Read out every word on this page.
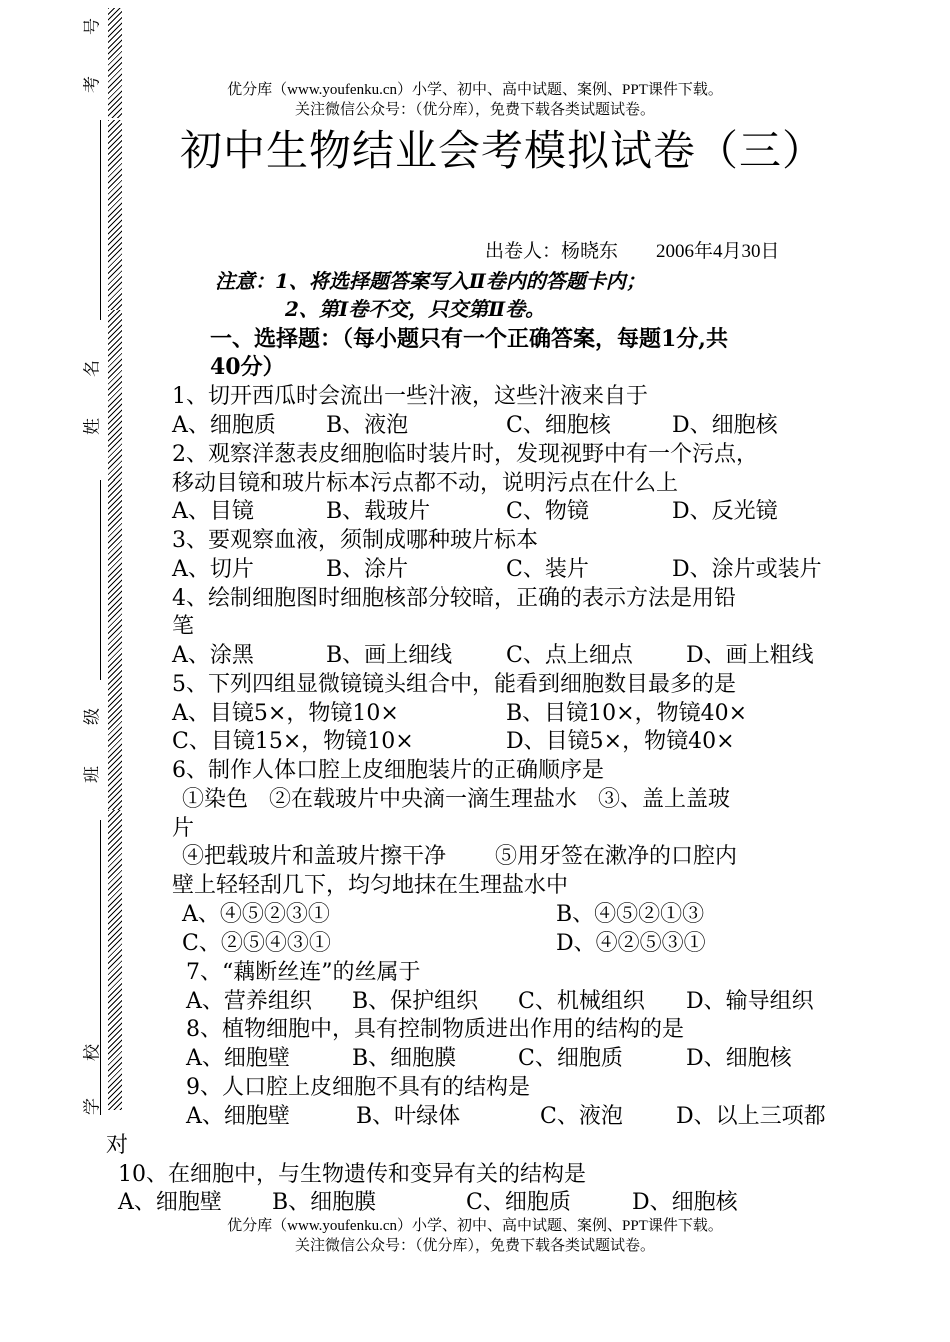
号
考
名
姓
级
班
校
学
优分库（www.youfenku.cn）小学、初中、高中试题、案例、PPT课件下载。
关注微信公众号：（优分库），免费下载各类试题试卷。
初中生物结业会考模拟试卷（三）
出卷人：杨晓东        2006年4月30日
注意：1、将选择题答案写入Ⅱ卷内的答题卡内；
2、第Ⅰ卷不交，只交第Ⅱ卷。
一、选择题：（每小题只有一个正确答案，每题1分,共
40分）
1、切开西瓜时会流出一些汁液，这些汁液来自于
A、细胞质 B、液泡	C、细胞核	D、细胞核
2、观察洋葱表皮细胞临时装片时，发现视野中有一个污点，
移动目镜和玻片标本污点都不动，说明污点在什么上
A、目镜	B、载玻片	C、物镜	D、反光镜
3、要观察血液，须制成哪种玻片标本
A、切片	B、涂片	C、装片	D、涂片或装片
4、绘制细胞图时细胞核部分较暗，正确的表示方法是用铅
笔
A、涂黑	B、画上细线 C、点上细点 D、画上粗线
5、下列四组显微镜镜头组合中，能看到细胞数目最多的是
A、目镜5×，物镜10×	B、目镜10×，物镜40×
C、目镜15×，物镜10×	D、目镜5×，物镜40×
6、制作人体口腔上皮细胞装片的正确顺序是
①染色   ②在载玻片中央滴一滴生理盐水   ③、盖上盖玻
片
④把载玻片和盖玻片擦干净       ⑤用牙签在漱净的口腔内
壁上轻轻刮几下，均匀地抹在生理盐水中
A、④⑤②③①	B、④⑤②①③
C、②⑤④③①	D、④②⑤③①
7、“藕断丝连”的丝属于
A、营养组织 B、保护组织 C、机械组织 D、输导组织
8、植物细胞中，具有控制物质进出作用的结构的是
A、细胞壁	B、细胞膜	C、细胞质	D、细胞核
9、人口腔上皮细胞不具有的结构是
A、细胞壁	B、叶绿体	C、液泡 D、以上三项都
对
10、在细胞中，与生物遗传和变异有关的结构是
A、细胞壁 B、细胞膜	C、细胞质	D、细胞核
优分库（www.youfenku.cn）小学、初中、高中试题、案例、PPT课件下载。
关注微信公众号：（优分库），免费下载各类试题试卷。
